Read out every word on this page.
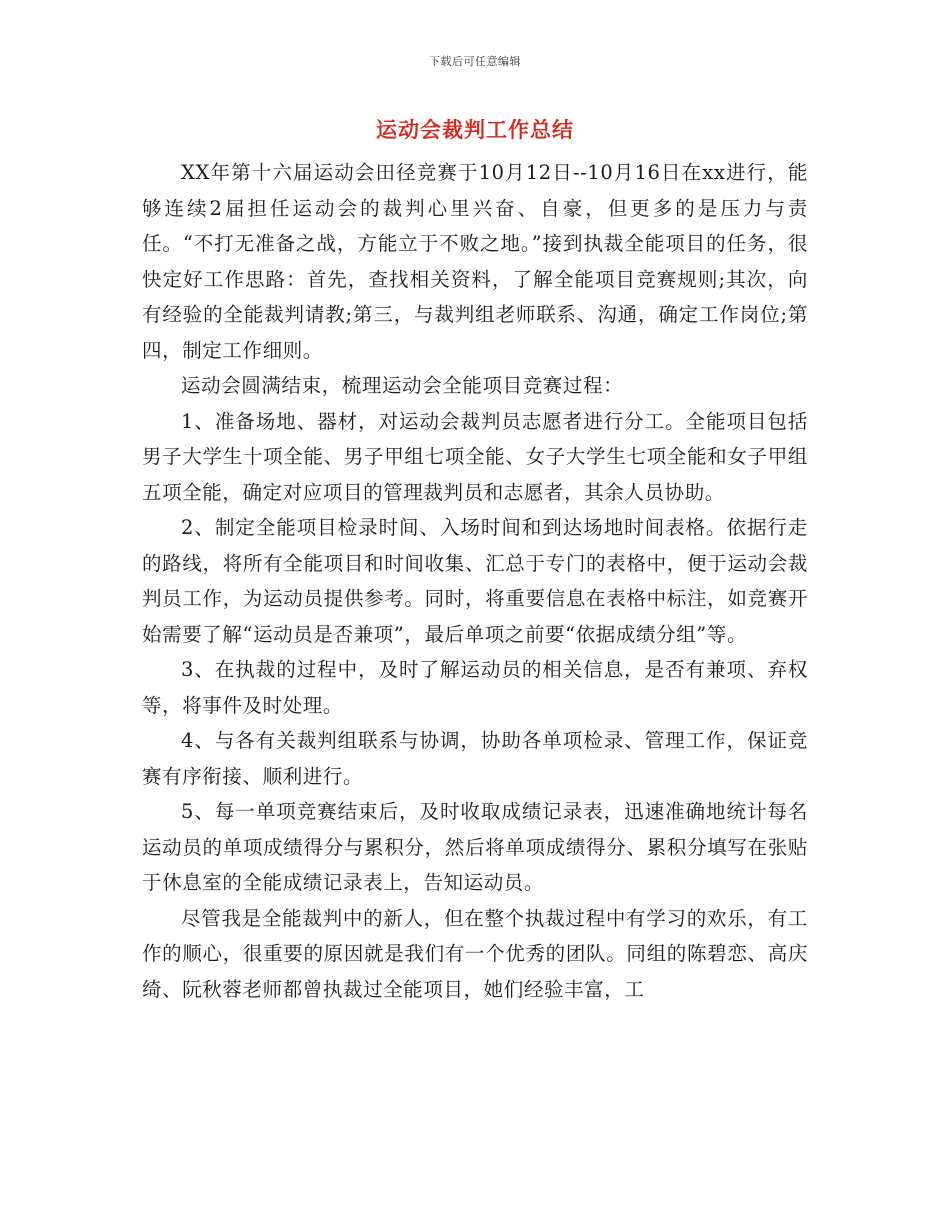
下载后可任意编辑
运动会裁判工作总结

XX年第十六届运动会田径竞赛于10月12日--10月16日在xx进行，能够连续2届担任运动会的裁判心里兴奋、自豪，但更多的是压力与责任。“不打无准备之战，方能立于不败之地。”接到执裁全能项目的任务，很快定好工作思路：首先，查找相关资料，了解全能项目竞赛规则;其次，向有经验的全能裁判请教;第三，与裁判组老师联系、沟通，确定工作岗位;第四，制定工作细则。

运动会圆满结束，梳理运动会全能项目竞赛过程：

1、准备场地、器材，对运动会裁判员志愿者进行分工。全能项目包括男子大学生十项全能、男子甲组七项全能、女子大学生七项全能和女子甲组五项全能，确定对应项目的管理裁判员和志愿者，其余人员协助。

2、制定全能项目检录时间、入场时间和到达场地时间表格。依据行走的路线，将所有全能项目和时间收集、汇总于专门的表格中，便于运动会裁判员工作，为运动员提供参考。同时，将重要信息在表格中标注，如竞赛开始需要了解“运动员是否兼项”，最后单项之前要“依据成绩分组”等。

3、在执裁的过程中，及时了解运动员的相关信息，是否有兼项、弃权等，将事件及时处理。

4、与各有关裁判组联系与协调，协助各单项检录、管理工作，保证竞赛有序衔接、顺利进行。

5、每一单项竞赛结束后，及时收取成绩记录表，迅速准确地统计每名运动员的单项成绩得分与累积分，然后将单项成绩得分、累积分填写在张贴于休息室的全能成绩记录表上，告知运动员。

尽管我是全能裁判中的新人，但在整个执裁过程中有学习的欢乐，有工作的顺心，很重要的原因就是我们有一个优秀的团队。同组的陈碧恋、高庆绮、阮秋蓉老师都曾执裁过全能项目，她们经验丰富，工
